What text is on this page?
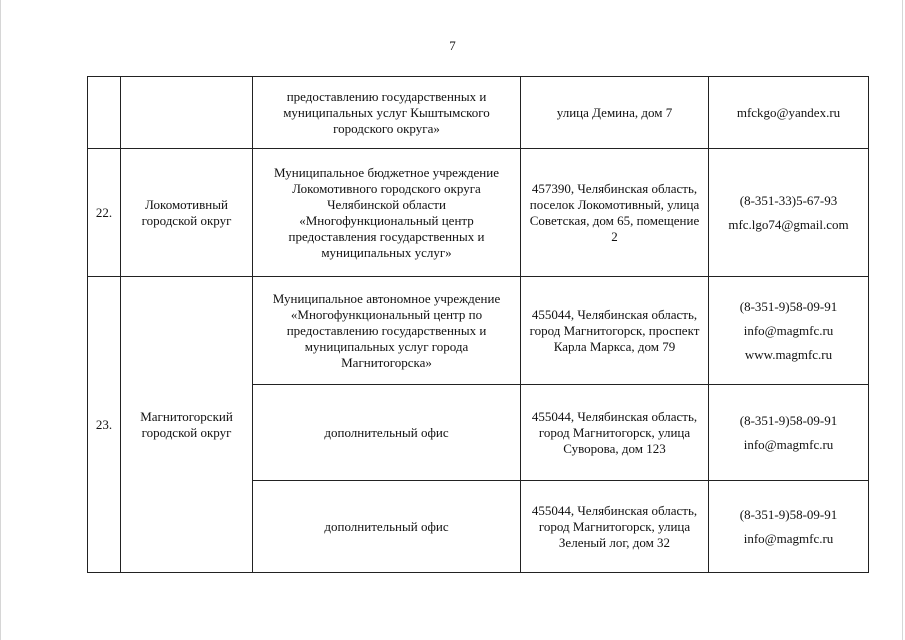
7
		предоставлению государственных и муниципальных услуг Кыштымского городского округа»	улица Демина, дом 7	mfckgo@yandex.ru

22.	Локомотивный городской округ	Муниципальное бюджетное учреждение Локомотивного городского округа Челябинской области «Многофункциональный центр предоставления государственных и муниципальных услуг»	457390, Челябинская область, поселок Локомотивный, улица Советская, дом 65, помещение 2	(8-351-33)5-67-93
mfc.lgo74@gmail.com

23.	Магнитогорский городской округ	Муниципальное автономное учреждение «Многофункциональный центр по предоставлению государственных и муниципальных услуг города Магнитогорска»	455044, Челябинская область, город Магнитогорск, проспект Карла Маркса, дом 79	(8-351-9)58-09-91
info@magmfc.ru
www.magmfc.ru

		дополнительный офис	455044, Челябинская область, город Магнитогорск, улица Суворова, дом 123	(8-351-9)58-09-91
info@magmfc.ru

		дополнительный офис	455044, Челябинская область, город Магнитогорск, улица Зеленый лог, дом 32	(8-351-9)58-09-91
info@magmfc.ru
